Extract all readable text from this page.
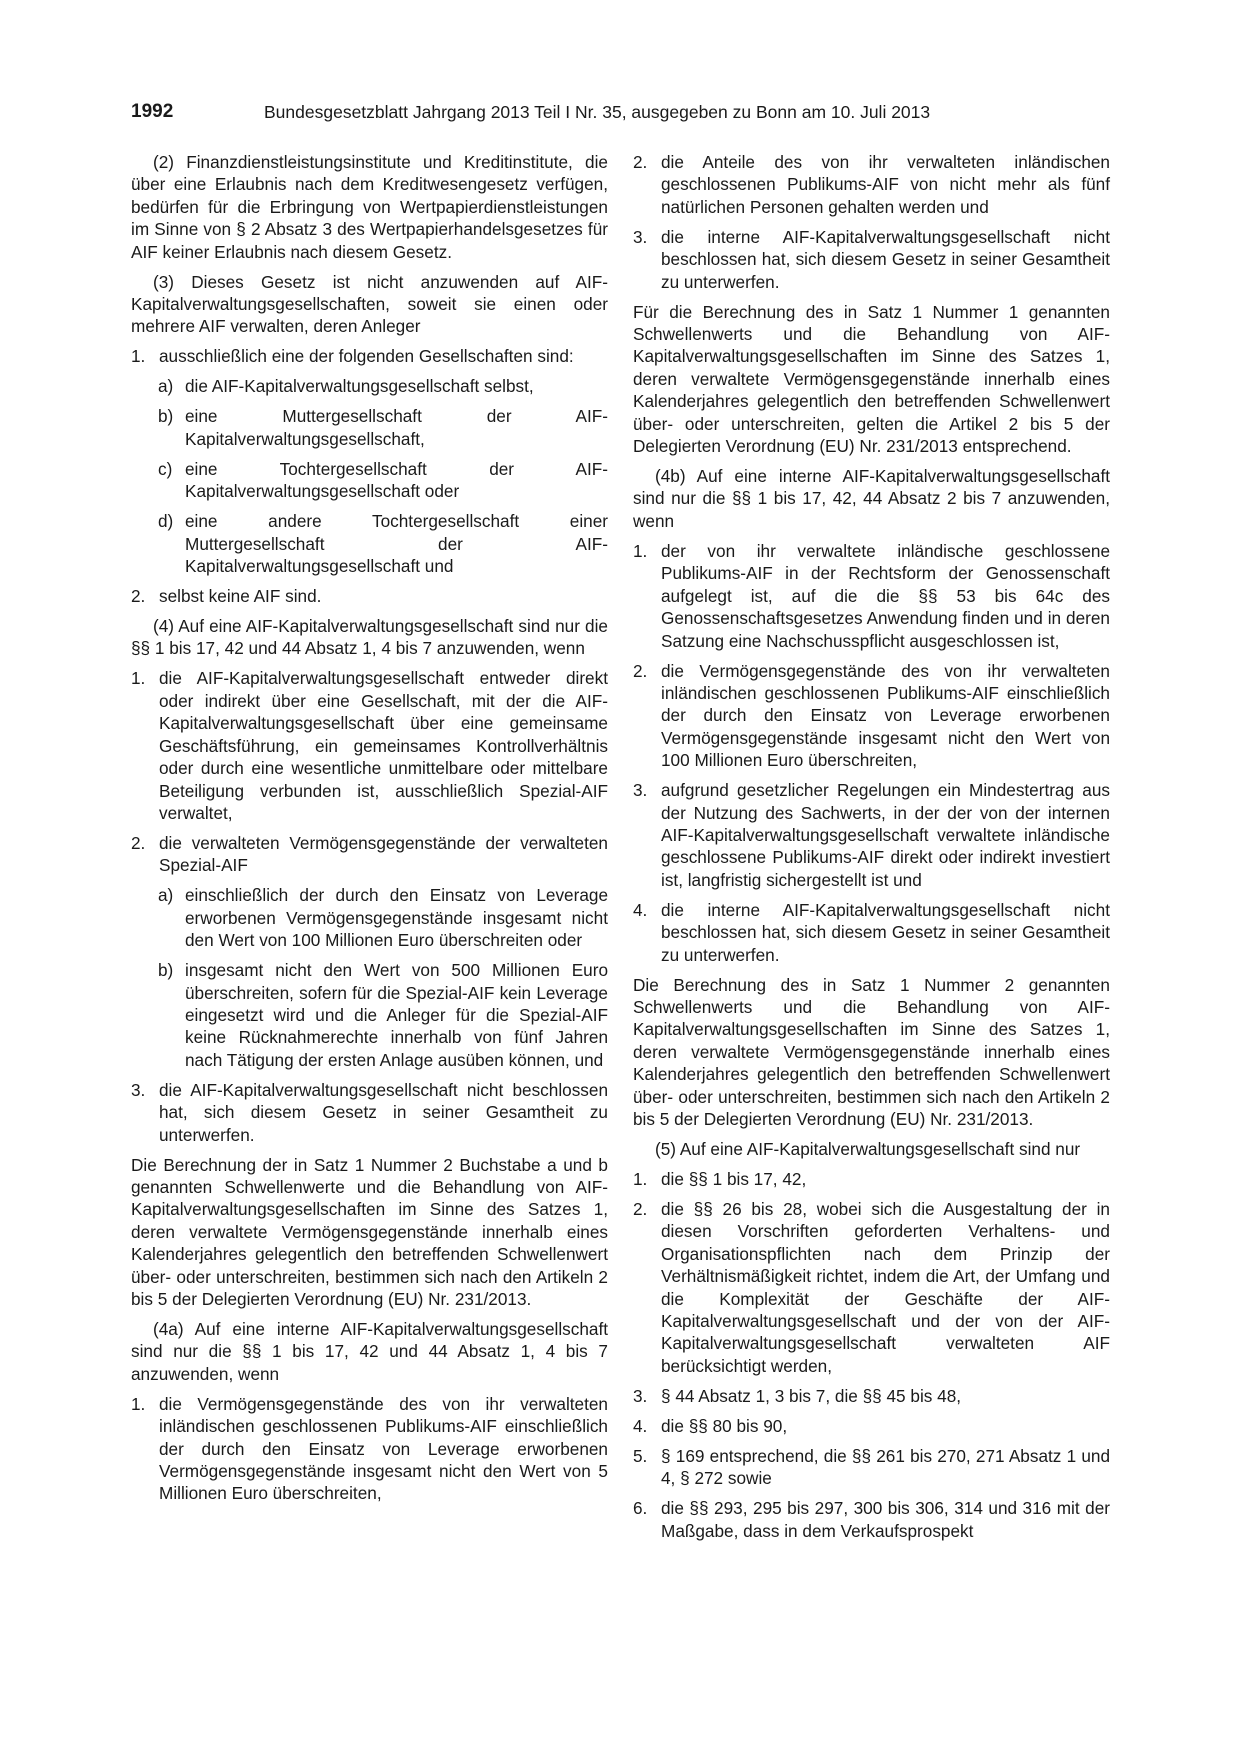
1992	Bundesgesetzblatt Jahrgang 2013 Teil I Nr. 35, ausgegeben zu Bonn am 10. Juli 2013

(2) Finanzdienstleistungsinstitute und Kreditinstitute, die über eine Erlaubnis nach dem Kreditwesengesetz verfügen, bedürfen für die Erbringung von Wertpapierdienstleistungen im Sinne von § 2 Absatz 3 des Wertpapierhandelsgesetzes für AIF keiner Erlaubnis nach diesem Gesetz.

(3) Dieses Gesetz ist nicht anzuwenden auf AIF-Kapitalverwaltungsgesellschaften, soweit sie einen oder mehrere AIF verwalten, deren Anleger

1. ausschließlich eine der folgenden Gesellschaften sind:
a) die AIF-Kapitalverwaltungsgesellschaft selbst,
b) eine Muttergesellschaft der AIF-Kapitalverwaltungsgesellschaft,
c) eine Tochtergesellschaft der AIF-Kapitalverwaltungsgesellschaft oder
d) eine andere Tochtergesellschaft einer Muttergesellschaft der AIF-Kapitalverwaltungsgesellschaft und
2. selbst keine AIF sind.

(4) Auf eine AIF-Kapitalverwaltungsgesellschaft sind nur die §§ 1 bis 17, 42 und 44 Absatz 1, 4 bis 7 anzuwenden, wenn

1. die AIF-Kapitalverwaltungsgesellschaft entweder direkt oder indirekt über eine Gesellschaft, mit der die AIF-Kapitalverwaltungsgesellschaft über eine gemeinsame Geschäftsführung, ein gemeinsames Kontrollverhältnis oder durch eine wesentliche unmittelbare oder mittelbare Beteiligung verbunden ist, ausschließlich Spezial-AIF verwaltet,
2. die verwalteten Vermögensgegenstände der verwalteten Spezial-AIF
a) einschließlich der durch den Einsatz von Leverage erworbenen Vermögensgegenstände insgesamt nicht den Wert von 100 Millionen Euro überschreiten oder
b) insgesamt nicht den Wert von 500 Millionen Euro überschreiten, sofern für die Spezial-AIF kein Leverage eingesetzt wird und die Anleger für die Spezial-AIF keine Rücknahmerechte innerhalb von fünf Jahren nach Tätigung der ersten Anlage ausüben können, und
3. die AIF-Kapitalverwaltungsgesellschaft nicht beschlossen hat, sich diesem Gesetz in seiner Gesamtheit zu unterwerfen.

Die Berechnung der in Satz 1 Nummer 2 Buchstabe a und b genannten Schwellenwerte und die Behandlung von AIF-Kapitalverwaltungsgesellschaften im Sinne des Satzes 1, deren verwaltete Vermögensgegenstände innerhalb eines Kalenderjahres gelegentlich den betreffenden Schwellenwert über- oder unterschreiten, bestimmen sich nach den Artikeln 2 bis 5 der Delegierten Verordnung (EU) Nr. 231/2013.

(4a) Auf eine interne AIF-Kapitalverwaltungsgesellschaft sind nur die §§ 1 bis 17, 42 und 44 Absatz 1, 4 bis 7 anzuwenden, wenn

1. die Vermögensgegenstände des von ihr verwalteten inländischen geschlossenen Publikums-AIF einschließlich der durch den Einsatz von Leverage erworbenen Vermögensgegenstände insgesamt nicht den Wert von 5 Millionen Euro überschreiten,
2. die Anteile des von ihr verwalteten inländischen geschlossenen Publikums-AIF von nicht mehr als fünf natürlichen Personen gehalten werden und
3. die interne AIF-Kapitalverwaltungsgesellschaft nicht beschlossen hat, sich diesem Gesetz in seiner Gesamtheit zu unterwerfen.

Für die Berechnung des in Satz 1 Nummer 1 genannten Schwellenwerts und die Behandlung von AIF-Kapitalverwaltungsgesellschaften im Sinne des Satzes 1, deren verwaltete Vermögensgegenstände innerhalb eines Kalenderjahres gelegentlich den betreffenden Schwellenwert über- oder unterschreiten, gelten die Artikel 2 bis 5 der Delegierten Verordnung (EU) Nr. 231/2013 entsprechend.

(4b) Auf eine interne AIF-Kapitalverwaltungsgesellschaft sind nur die §§ 1 bis 17, 42, 44 Absatz 2 bis 7 anzuwenden, wenn

1. der von ihr verwaltete inländische geschlossene Publikums-AIF in der Rechtsform der Genossenschaft aufgelegt ist, auf die die §§ 53 bis 64c des Genossenschaftsgesetzes Anwendung finden und in deren Satzung eine Nachschusspflicht ausgeschlossen ist,
2. die Vermögensgegenstände des von ihr verwalteten inländischen geschlossenen Publikums-AIF einschließlich der durch den Einsatz von Leverage erworbenen Vermögensgegenstände insgesamt nicht den Wert von 100 Millionen Euro überschreiten,
3. aufgrund gesetzlicher Regelungen ein Mindestertrag aus der Nutzung des Sachwerts, in der der von der internen AIF-Kapitalverwaltungsgesellschaft verwaltete inländische geschlossene Publikums-AIF direkt oder indirekt investiert ist, langfristig sichergestellt ist und
4. die interne AIF-Kapitalverwaltungsgesellschaft nicht beschlossen hat, sich diesem Gesetz in seiner Gesamtheit zu unterwerfen.

Die Berechnung des in Satz 1 Nummer 2 genannten Schwellenwerts und die Behandlung von AIF-Kapitalverwaltungsgesellschaften im Sinne des Satzes 1, deren verwaltete Vermögensgegenstände innerhalb eines Kalenderjahres gelegentlich den betreffenden Schwellenwert über- oder unterschreiten, bestimmen sich nach den Artikeln 2 bis 5 der Delegierten Verordnung (EU) Nr. 231/2013.

(5) Auf eine AIF-Kapitalverwaltungsgesellschaft sind nur

1. die §§ 1 bis 17, 42,
2. die §§ 26 bis 28, wobei sich die Ausgestaltung der in diesen Vorschriften geforderten Verhaltens- und Organisationspflichten nach dem Prinzip der Verhältnismäßigkeit richtet, indem die Art, der Umfang und die Komplexität der Geschäfte der AIF-Kapitalverwaltungsgesellschaft und der von der AIF-Kapitalverwaltungsgesellschaft verwalteten AIF berücksichtigt werden,
3. § 44 Absatz 1, 3 bis 7, die §§ 45 bis 48,
4. die §§ 80 bis 90,
5. § 169 entsprechend, die §§ 261 bis 270, 271 Absatz 1 und 4, § 272 sowie
6. die §§ 293, 295 bis 297, 300 bis 306, 314 und 316 mit der Maßgabe, dass in dem Verkaufsprospekt
